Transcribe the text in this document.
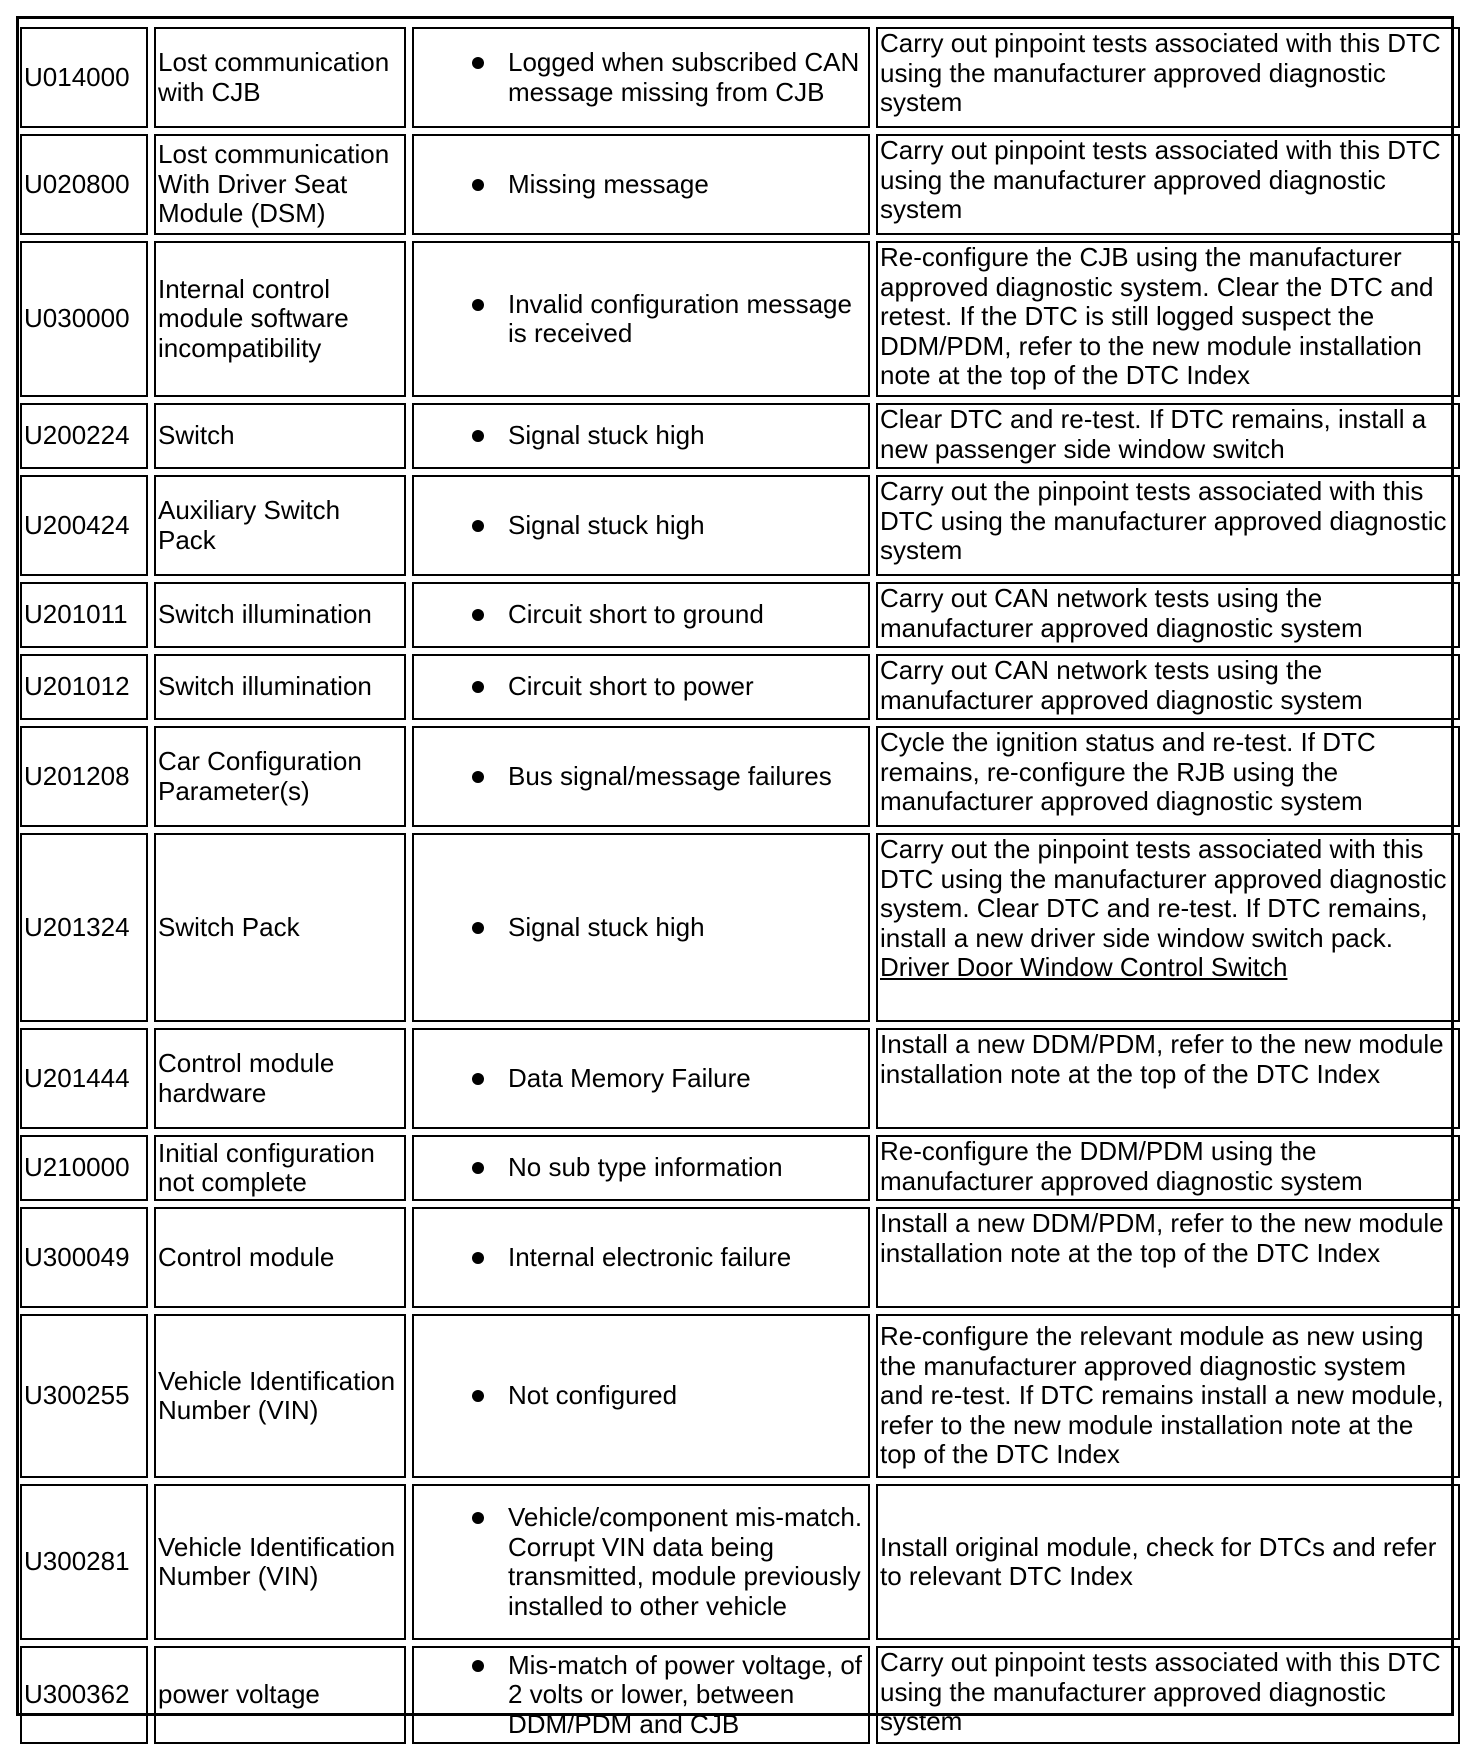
U014000	Lost communication with CJB	Logged when subscribed CAN message missing from CJB	Carry out pinpoint tests associated with this DTC using the manufacturer approved diagnostic system
U020800	Lost communication With Driver Seat Module (DSM)	Missing message	Carry out pinpoint tests associated with this DTC using the manufacturer approved diagnostic system
U030000	Internal control module software incompatibility	Invalid configuration message is received	Re-configure the CJB using the manufacturer approved diagnostic system. Clear the DTC and retest. If the DTC is still logged suspect the DDM/PDM, refer to the new module installation note at the top of the DTC Index
U200224	Switch	Signal stuck high	Clear DTC and re-test. If DTC remains, install a new passenger side window switch
U200424	Auxiliary Switch Pack	Signal stuck high	Carry out the pinpoint tests associated with this DTC using the manufacturer approved diagnostic system
U201011	Switch illumination	Circuit short to ground	Carry out CAN network tests using the manufacturer approved diagnostic system
U201012	Switch illumination	Circuit short to power	Carry out CAN network tests using the manufacturer approved diagnostic system
U201208	Car Configuration Parameter(s)	Bus signal/message failures	Cycle the ignition status and re-test. If DTC remains, re-configure the RJB using the manufacturer approved diagnostic system
U201324	Switch Pack	Signal stuck high	Carry out the pinpoint tests associated with this DTC using the manufacturer approved diagnostic system. Clear DTC and re-test. If DTC remains, install a new driver side window switch pack.
Driver Door Window Control Switch

U201444	Control module hardware	Data Memory Failure	Install a new DDM/PDM, refer to the new module installation note at the top of the DTC Index
U210000	Initial configuration not complete	No sub type information	Re-configure the DDM/PDM using the manufacturer approved diagnostic system
U300049	Control module	Internal electronic failure	Install a new DDM/PDM, refer to the new module installation note at the top of the DTC Index
U300255	Vehicle Identification Number (VIN)	Not configured	Re-configure the relevant module as new using the manufacturer approved diagnostic system and re-test. If DTC remains install a new module, refer to the new module installation note at the top of the DTC Index
U300281	Vehicle Identification Number (VIN)	Vehicle/component mis-match. Corrupt VIN data being transmitted, module previously installed to other vehicle	Install original module, check for DTCs and refer to relevant DTC Index
U300362	power voltage	Mis-match of power voltage, of 2 volts or lower, between DDM/PDM and CJB	Carry out pinpoint tests associated with this DTC using the manufacturer approved diagnostic system
